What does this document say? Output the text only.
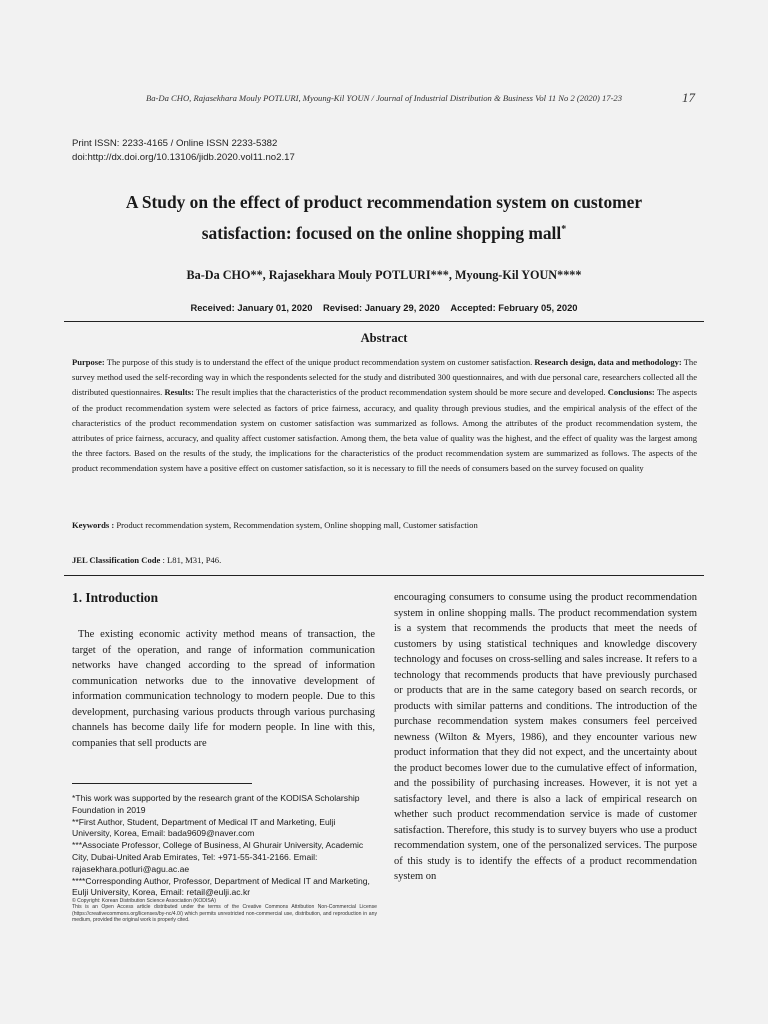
Ba-Da CHO, Rajasekhara Mouly POTLURI, Myoung-Kil YOUN / Journal of Industrial Distribution & Business Vol 11 No 2 (2020) 17-23	17
Print ISSN: 2233-4165 / Online ISSN 2233-5382
doi:http://dx.doi.org/10.13106/jidb.2020.vol11.no2.17
A Study on the effect of product recommendation system on customer
satisfaction: focused on the online shopping mall*
Ba-Da CHO**, Rajasekhara Mouly POTLURI***, Myoung-Kil YOUN****
Received: January 01, 2020 Revised: January 29, 2020 Accepted: February 05, 2020
Abstract
Purpose: The purpose of this study is to understand the effect of the unique product recommendation system on customer satisfaction. Research design, data and methodology: The survey method used the self-recording way in which the respondents selected for the study and distributed 300 questionnaires, and with due personal care, researchers collected all the distributed questionnaires. Results: The result implies that the characteristics of the product recommendation system should be more secure and developed. Conclusions: The aspects of the product recommendation system were selected as factors of price fairness, accuracy, and quality through previous studies, and the empirical analysis of the effect of the characteristics of the product recommendation system on customer satisfaction was summarized as follows. Among the attributes of the product recommendation system, the attributes of price fairness, accuracy, and quality affect customer satisfaction. Among them, the beta value of quality was the highest, and the effect of quality was the largest among the three factors. Based on the results of the study, the implications for the characteristics of the product recommendation system are summarized as follows. The aspects of the product recommendation system have a positive effect on customer satisfaction, so it is necessary to fill the needs of consumers based on the survey focused on quality
Keywords : Product recommendation system, Recommendation system, Online shopping mall, Customer satisfaction
JEL Classification Code : L81, M31, P46.
1. Introduction
The existing economic activity method means of transaction, the target of the operation, and range of information communication networks have changed according to the spread of information communication networks due to the innovative development of information communication technology to modern people. Due to this development, purchasing various products through various purchasing channels has become daily life for modern people. In line with this, companies that sell products are

*This work was supported by the research grant of the KODISA Scholarship Foundation in 2019

**First Author, Student, Department of Medical IT and Marketing, Eulji University, Korea, Email: bada9609@naver.com

***Associate Professor, College of Business, Al Ghurair University, Academic City, Dubai-United Arab Emirates, Tel: +971-55-341-2166. Email: rajasekhara.potluri@agu.ac.ae

****Corresponding Author, Professor, Department of Medical IT and Marketing, Eulji University, Korea, Email: retail@eulji.ac.kr

© Copyright: Korean Distribution Science Association (KODISA)

This is an Open Access article distributed under the terms of the Creative Commons Attribution Non-Commercial License (https://creativecommons.org/licenses/by-nc/4.0/) which permits unrestricted non-commercial use, distribution, and reproduction in any medium, provided the original work is properly cited.

encouraging consumers to consume using the product recommendation system in online shopping malls. The product recommendation system is a system that recommends the products that meet the needs of customers by using statistical techniques and knowledge discovery technology and focuses on cross-selling and sales increase. It refers to a technology that recommends products that have previously purchased or products that are in the same category based on search records, or products with similar patterns and conditions. The introduction of the purchase recommendation system makes consumers feel perceived newness (Wilton & Myers, 1986), and they encounter various new product information that they did not expect, and the uncertainty about the product becomes lower due to the cumulative effect of information, and the possibility of purchasing increases. However, it is not yet a satisfactory level, and there is also a lack of empirical research on whether such product recommendation service is made of customer satisfaction. Therefore, this study is to survey buyers who use a product recommendation system, one of the personalized services. The purpose of this study is to identify the effects of a product recommendation system on
